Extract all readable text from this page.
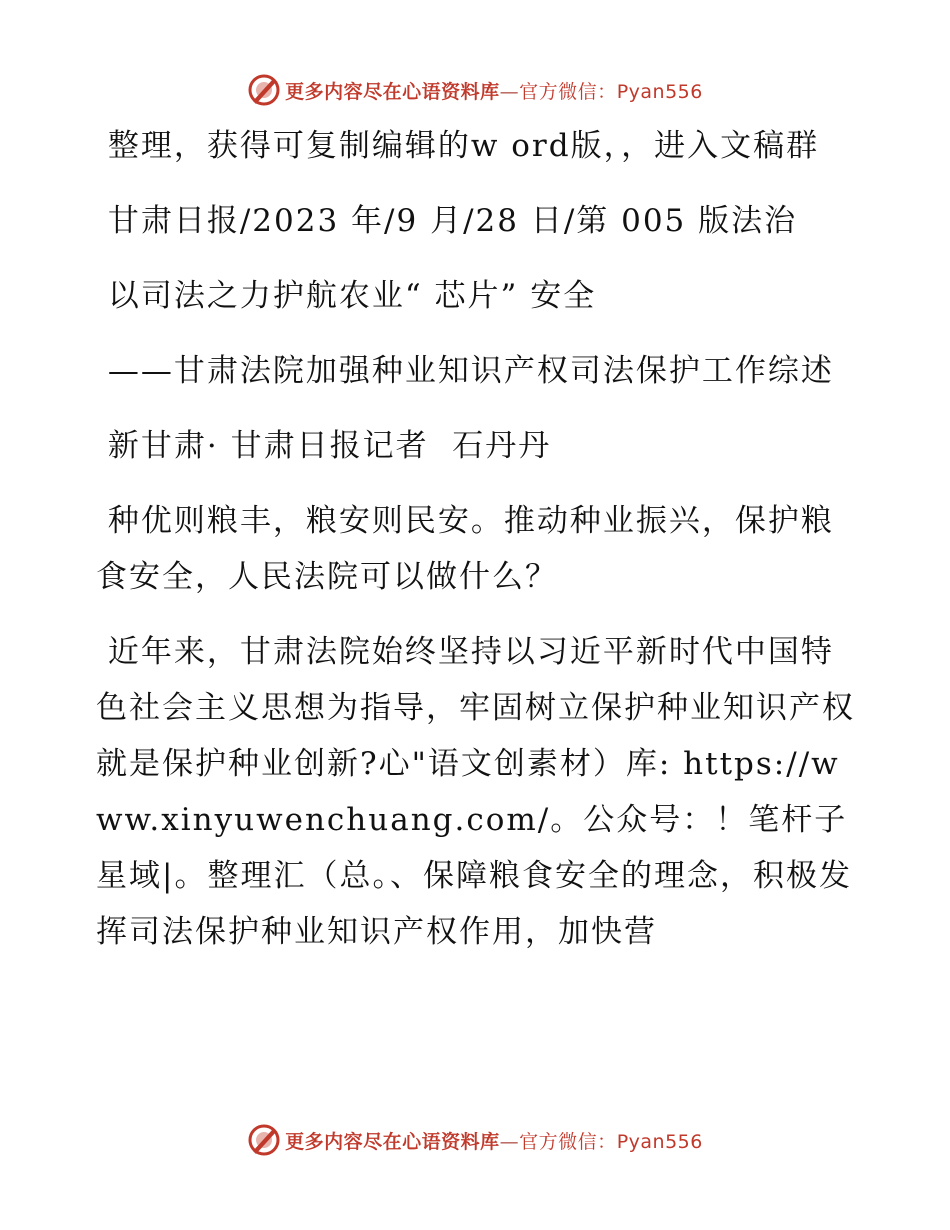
更多内容尽在心语资料库—官方微信：Pyan556

整理，获得可复制编辑的w ord版，，进入文稿群

甘肃日报/2023 年/9 月/28 日/第 005 版法治

以司法之力护航农业“ 芯片” 安全

——甘肃法院加强种业知识产权司法保护工作综述

新甘肃· 甘肃日报记者  石丹丹

种优则粮丰，粮安则民安。推动种业振兴，保护粮食安全，人民法院可以做什么？

近年来，甘肃法院始终坚持以习近平新时代中国特色社会主义思想为指导，牢固树立保护种业知识产权就是保护种业创新?心"语文创素材）库: https://www.xinyuwenchuang.com/。公众号：！笔杆子星域|。整理汇（总。、保障粮食安全的理念，积极发挥司法保护种业知识产权作用，加快营

更多内容尽在心语资料库—官方微信：Pyan556
